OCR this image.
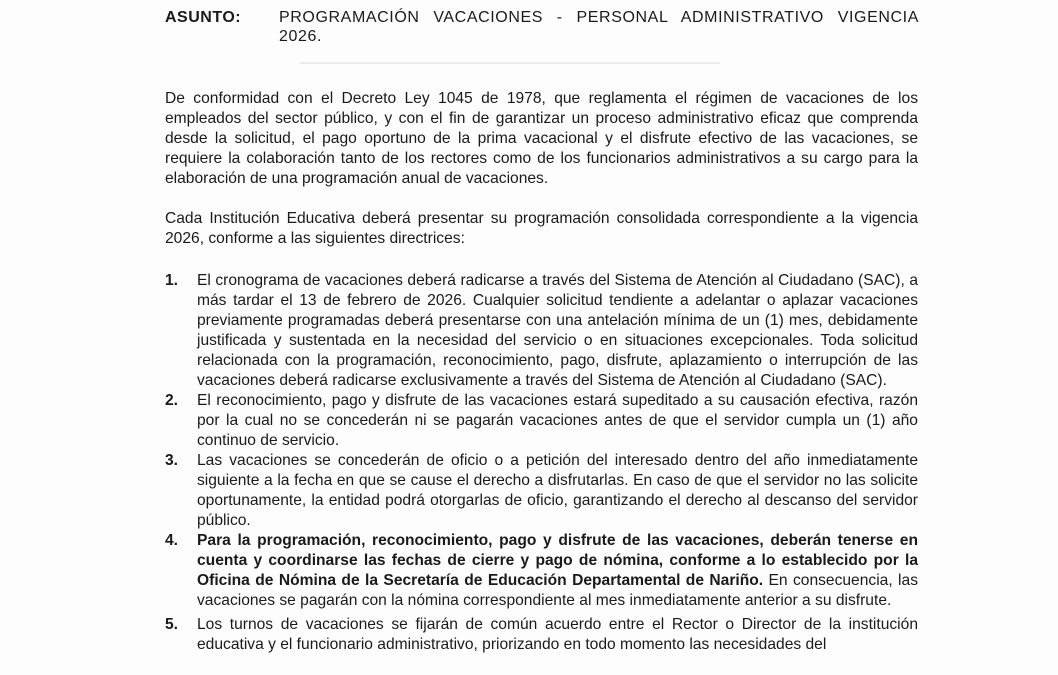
ASUNTO: PROGRAMACIÓN VACACIONES - PERSONAL ADMINISTRATIVO VIGENCIA 2026.

De conformidad con el Decreto Ley 1045 de 1978, que reglamenta el régimen de vacaciones de los empleados del sector público, y con el fin de garantizar un proceso administrativo eficaz que comprenda desde la solicitud, el pago oportuno de la prima vacacional y el disfrute efectivo de las vacaciones, se requiere la colaboración tanto de los rectores como de los funcionarios administrativos a su cargo para la elaboración de una programación anual de vacaciones.

Cada Institución Educativa deberá presentar su programación consolidada correspondiente a la vigencia 2026, conforme a las siguientes directrices:

1. El cronograma de vacaciones deberá radicarse a través del Sistema de Atención al Ciudadano (SAC), a más tardar el 13 de febrero de 2026. Cualquier solicitud tendiente a adelantar o aplazar vacaciones previamente programadas deberá presentarse con una antelación mínima de un (1) mes, debidamente justificada y sustentada en la necesidad del servicio o en situaciones excepcionales. Toda solicitud relacionada con la programación, reconocimiento, pago, disfrute, aplazamiento o interrupción de las vacaciones deberá radicarse exclusivamente a través del Sistema de Atención al Ciudadano (SAC).
2. El reconocimiento, pago y disfrute de las vacaciones estará supeditado a su causación efectiva, razón por la cual no se concederán ni se pagarán vacaciones antes de que el servidor cumpla un (1) año continuo de servicio.
3. Las vacaciones se concederán de oficio o a petición del interesado dentro del año inmediatamente siguiente a la fecha en que se cause el derecho a disfrutarlas. En caso de que el servidor no las solicite oportunamente, la entidad podrá otorgarlas de oficio, garantizando el derecho al descanso del servidor público.
4. Para la programación, reconocimiento, pago y disfrute de las vacaciones, deberán tenerse en cuenta y coordinarse las fechas de cierre y pago de nómina, conforme a lo establecido por la Oficina de Nómina de la Secretaría de Educación Departamental de Nariño. En consecuencia, las vacaciones se pagarán con la nómina correspondiente al mes inmediatamente anterior a su disfrute.
5. Los turnos de vacaciones se fijarán de común acuerdo entre el Rector o Director de la institución educativa y el funcionario administrativo, priorizando en todo momento las necesidades del
